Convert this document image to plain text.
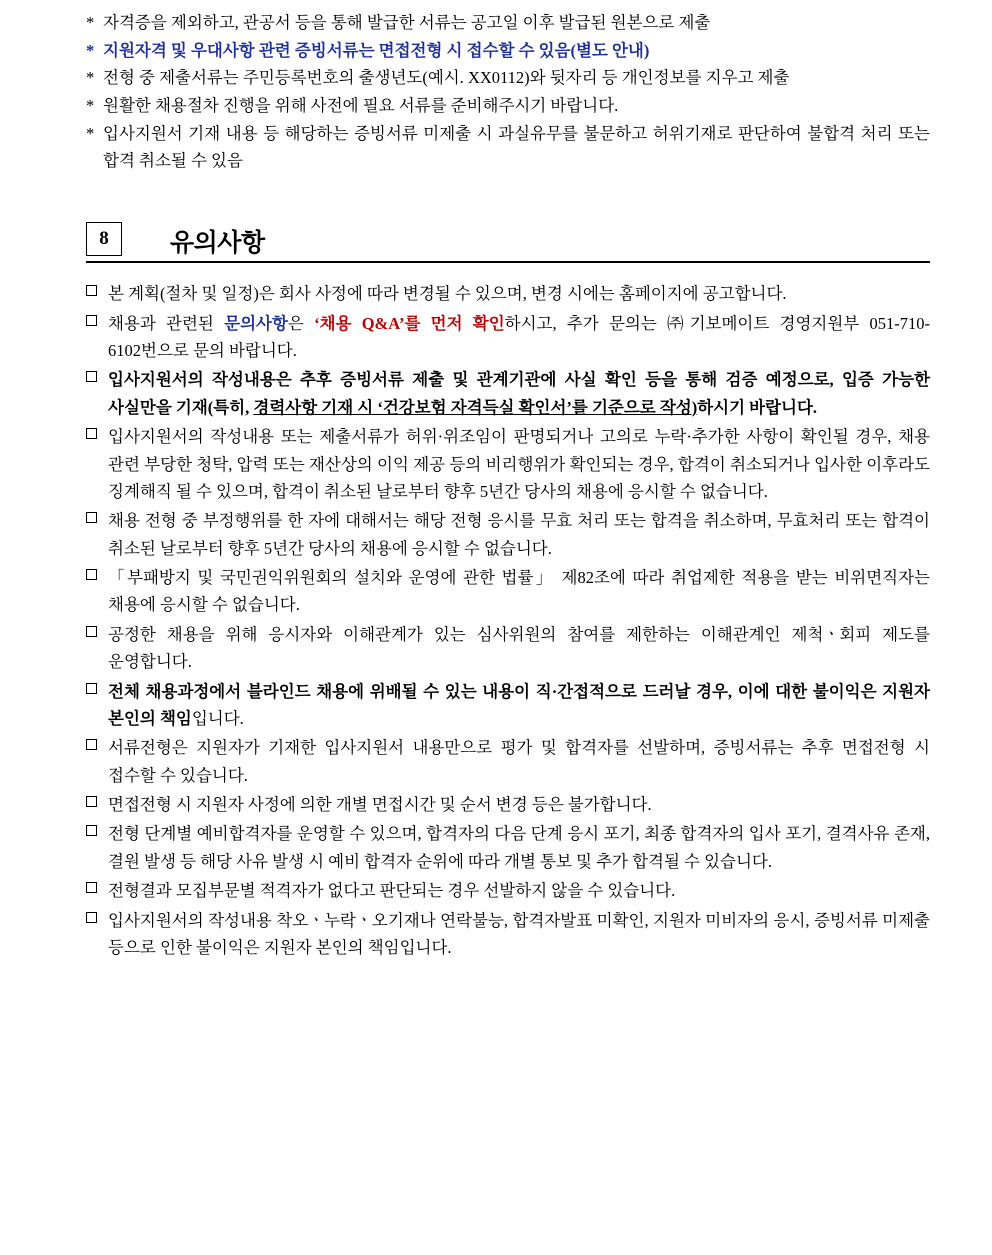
* 자격증을 제외하고, 관공서 등을 통해 발급한 서류는 공고일 이후 발급된 원본으로 제출
* 지원자격 및 우대사항 관련 증빙서류는 면접전형 시 접수할 수 있음(별도 안내)
* 전형 중 제출서류는 주민등록번호의 출생년도(예시. XX0112)와 뒷자리 등 개인정보를 지우고 제출
* 원활한 채용절차 진행을 위해 사전에 필요 서류를 준비해주시기 바랍니다.
* 입사지원서 기재 내용 등 해당하는 증빙서류 미제출 시 과실유무를 불문하고 허위기재로 판단하여 불합격 처리 또는 합격 취소될 수 있음
8	유의사항
본 계획(절차 및 일정)은 회사 사정에 따라 변경될 수 있으며, 변경 시에는 홈페이지에 공고합니다.
채용과 관련된 문의사항은 ‘채용 Q&A’를 먼저 확인하시고, 추가 문의는 ㈜기보메이트 경영지원부 051-710-6102번으로 문의 바랍니다.
입사지원서의 작성내용은 추후 증빙서류 제출 및 관계기관에 사실 확인 등을 통해 검증 예정으로, 입증 가능한 사실만을 기재(특히, 경력사항 기재 시 ‘건강보험 자격득실 확인서’를 기준으로 작성)하시기 바랍니다.
입사지원서의 작성내용 또는 제출서류가 허위·위조임이 판명되거나 고의로 누락·추가한 사항이 확인될 경우, 채용 관련 부당한 청탁, 압력 또는 재산상의 이익 제공 등의 비리행위가 확인되는 경우, 합격이 취소되거나 입사한 이후라도 징계해직 될 수 있으며, 합격이 취소된 날로부터 향후 5년간 당사의 채용에 응시할 수 없습니다.
채용 전형 중 부정행위를 한 자에 대해서는 해당 전형 응시를 무효 처리 또는 합격을 취소하며, 무효처리 또는 합격이 취소된 날로부터 향후 5년간 당사의 채용에 응시할 수 없습니다.
「부패방지 및 국민권익위원회의 설치와 운영에 관한 법률」 제82조에 따라 취업제한 적용을 받는 비위면직자는 채용에 응시할 수 없습니다.
공정한 채용을 위해 응시자와 이해관계가 있는 심사위원의 참여를 제한하는 이해관계인 제척ㆍ회피 제도를 운영합니다.
전체 채용과정에서 블라인드 채용에 위배될 수 있는 내용이 직·간접적으로 드러날 경우, 이에 대한 불이익은 지원자 본인의 책임입니다.
서류전형은 지원자가 기재한 입사지원서 내용만으로 평가 및 합격자를 선발하며, 증빙서류는 추후 면접전형 시 접수할 수 있습니다.
면접전형 시 지원자 사정에 의한 개별 면접시간 및 순서 변경 등은 불가합니다.
전형 단계별 예비합격자를 운영할 수 있으며, 합격자의 다음 단계 응시 포기, 최종 합격자의 입사 포기, 결격사유 존재, 결원 발생 등 해당 사유 발생 시 예비 합격자 순위에 따라 개별 통보 및 추가 합격될 수 있습니다.
전형결과 모집부문별 적격자가 없다고 판단되는 경우 선발하지 않을 수 있습니다.
입사지원서의 작성내용 착오ㆍ누락ㆍ오기재나 연락불능, 합격자발표 미확인, 지원자 미비자의 응시, 증빙서류 미제출 등으로 인한 불이익은 지원자 본인의 책임입니다.
